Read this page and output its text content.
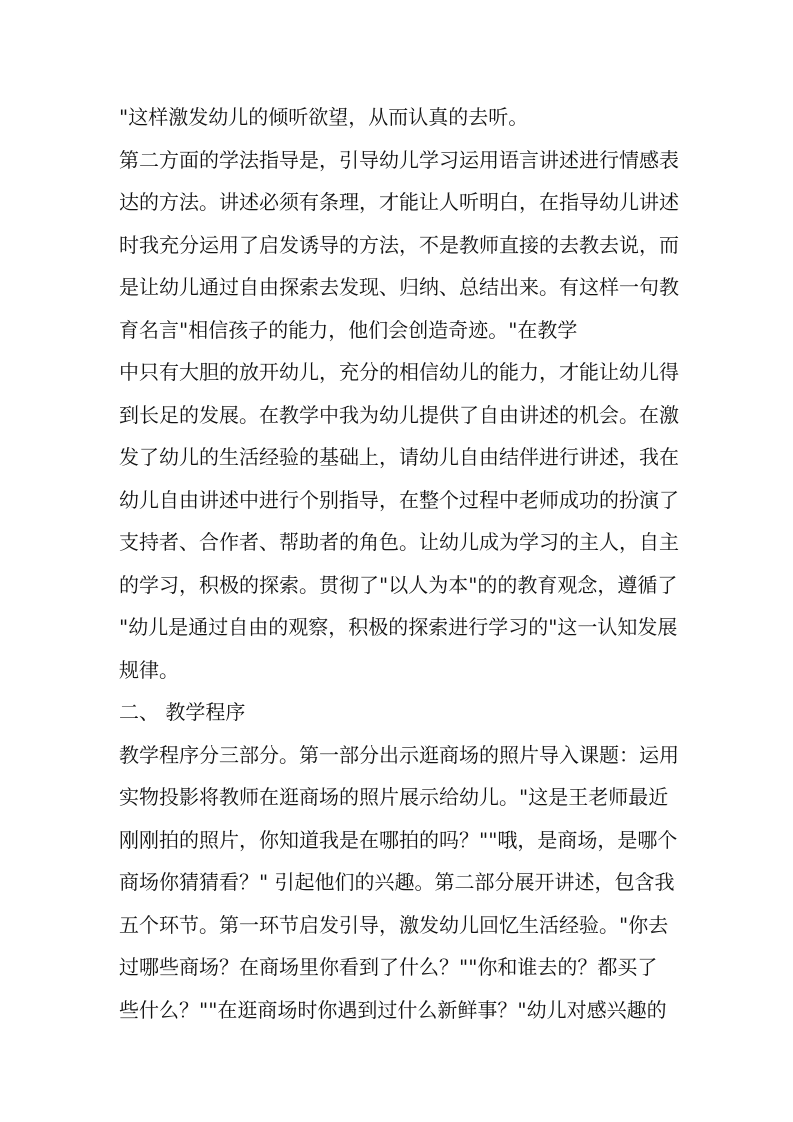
"这样激发幼儿的倾听欲望，从而认真的去听。
第二方面的学法指导是，引导幼儿学习运用语言讲述进行情感表
达的方法。讲述必须有条理，才能让人听明白，在指导幼儿讲述
时我充分运用了启发诱导的方法，不是教师直接的去教去说，而
是让幼儿通过自由探索去发现、归纳、总结出来。有这样一句教
育名言"相信孩子的能力，他们会创造奇迹。"在教学
中只有大胆的放开幼儿，充分的相信幼儿的能力，才能让幼儿得
到长足的发展。在教学中我为幼儿提供了自由讲述的机会。在激
发了幼儿的生活经验的基础上，请幼儿自由结伴进行讲述，我在
幼儿自由讲述中进行个别指导，在整个过程中老师成功的扮演了
支持者、合作者、帮助者的角色。让幼儿成为学习的主人，自主
的学习，积极的探索。贯彻了"以人为本"的的教育观念，遵循了
"幼儿是通过自由的观察，积极的探索进行学习的"这一认知发展
规律。
二、 教学程序
教学程序分三部分。第一部分出示逛商场的照片导入课题：运用
实物投影将教师在逛商场的照片展示给幼儿。"这是王老师最近
刚刚拍的照片，你知道我是在哪拍的吗？""哦，是商场，是哪个
商场你猜猜看？" 引起他们的兴趣。第二部分展开讲述，包含我
五个环节。第一环节启发引导，激发幼儿回忆生活经验。"你去
过哪些商场？在商场里你看到了什么？""你和谁去的？都买了
些什么？""在逛商场时你遇到过什么新鲜事？"幼儿对感兴趣的
